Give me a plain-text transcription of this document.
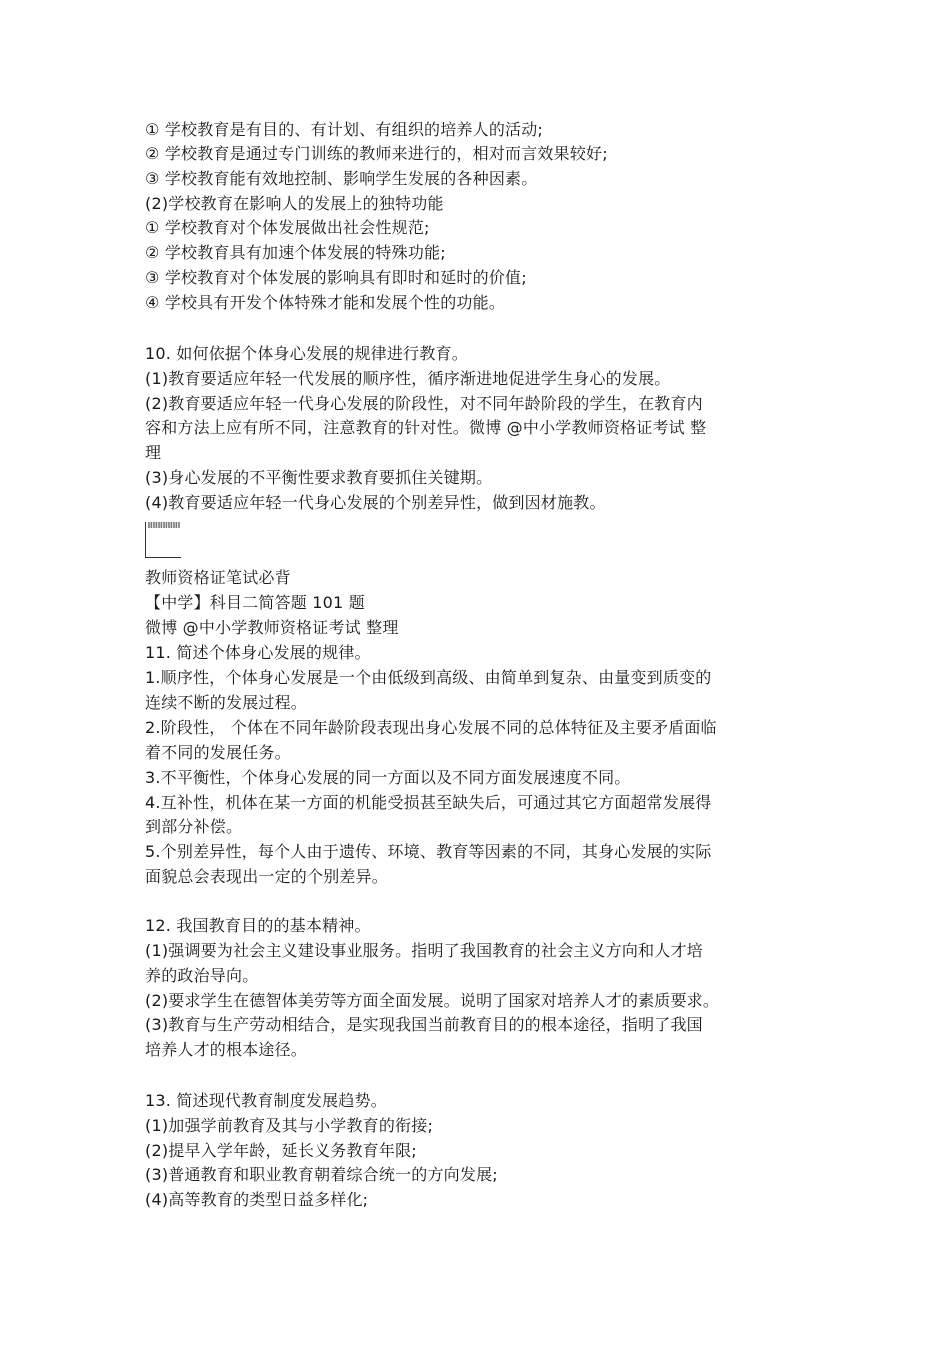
① 学校教育是有目的、有计划、有组织的培养人的活动;
② 学校教育是通过专门训练的教师来进行的，相对而言效果较好;
③ 学校教育能有效地控制、影响学生发展的各种因素。
(2)学校教育在影响人的发展上的独特功能
① 学校教育对个体发展做出社会性规范;
② 学校教育具有加速个体发展的特殊功能;
③ 学校教育对个体发展的影响具有即时和延时的价值;
④ 学校具有开发个体特殊才能和发展个性的功能。
10. 如何依据个体身心发展的规律进行教育。
(1)教育要适应年轻一代发展的顺序性，循序渐进地促进学生身心的发展。
(2)教育要适应年轻一代身心发展的阶段性，对不同年龄阶段的学生，在教育内
容和方法上应有所不同，注意教育的针对性。微博 @中小学教师资格证考试 整
理
(3)身心发展的不平衡性要求教育要抓住关键期。
(4)教育要适应年轻一代身心发展的个别差异性，做到因材施教。
教师资格证笔试必背
【中学】科目二简答题 101 题
微博 @中小学教师资格证考试 整理
11. 简述个体身心发展的规律。
1.顺序性，个体身心发展是一个由低级到高级、由简单到复杂、由量变到质变的
连续不断的发展过程。
2.阶段性， 个体在不同年龄阶段表现出身心发展不同的总体特征及主要矛盾面临
着不同的发展任务。
3.不平衡性，个体身心发展的同一方面以及不同方面发展速度不同。
4.互补性，机体在某一方面的机能受损甚至缺失后，可通过其它方面超常发展得
到部分补偿。
5.个别差异性，每个人由于遗传、环境、教育等因素的不同，其身心发展的实际
面貌总会表现出一定的个别差异。
12. 我国教育目的的基本精神。
(1)强调要为社会主义建设事业服务。指明了我国教育的社会主义方向和人才培
养的政治导向。
(2)要求学生在德智体美劳等方面全面发展。说明了国家对培养人才的素质要求。
(3)教育与生产劳动相结合，是实现我国当前教育目的的根本途径，指明了我国
培养人才的根本途径。
13. 简述现代教育制度发展趋势。
(1)加强学前教育及其与小学教育的衔接;
(2)提早入学年龄，延长义务教育年限;
(3)普通教育和职业教育朝着综合统一的方向发展;
(4)高等教育的类型日益多样化;
